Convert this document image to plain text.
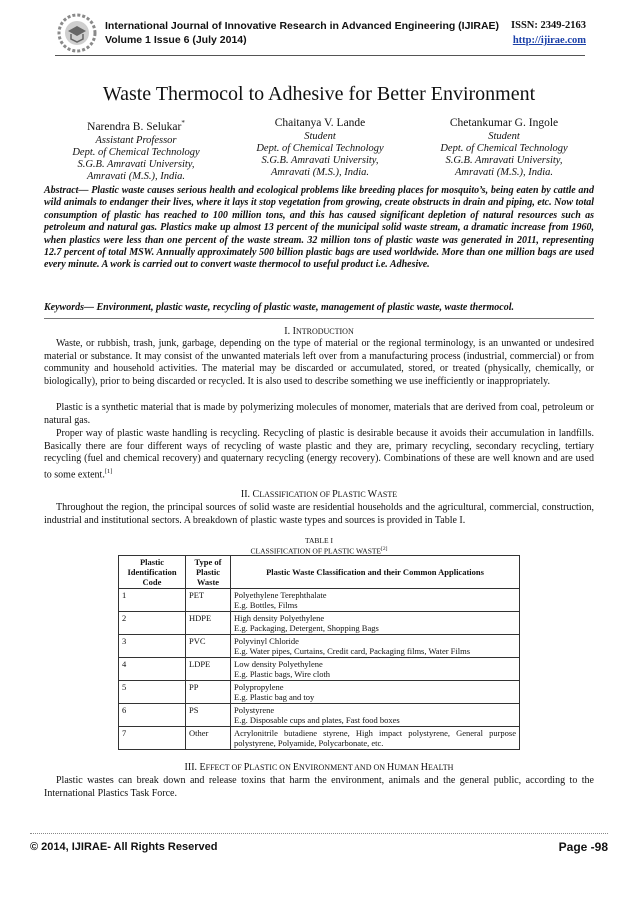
International Journal of Innovative Research in Advanced Engineering (IJIRAE) ISSN: 2349-2163
Volume 1 Issue 6 (July 2014)	http://ijirae.com
Waste Thermocol to Adhesive for Better Environment
Narendra B. Selukar*
Assistant Professor
Dept. of Chemical Technology
S.G.B. Amravati University,
Amravati (M.S.), India.
Chaitanya V. Lande
Student
Dept. of Chemical Technology
S.G.B. Amravati University,
Amravati (M.S.), India.
Chetankumar G. Ingole
Student
Dept. of Chemical Technology
S.G.B. Amravati University,
Amravati (M.S.), India.
Abstract— Plastic waste causes serious health and ecological problems like breeding places for mosquito’s, being eaten by cattle and wild animals to endanger their lives, where it lays it stop vegetation from growing, create obstructs in drain and piping, etc. Now total consumption of plastic has reached to 100 million tons, and this has caused significant depletion of natural resources such as petroleum and natural gas. Plastics make up almost 13 percent of the municipal solid waste stream, a dramatic increase from 1960, when plastics were less than one percent of the waste stream. 32 million tons of plastic waste was generated in 2011, representing 12.7 percent of total MSW. Annually approximately 500 billion plastic bags are used worldwide. More than one million bags are used every minute. A work is carried out to convert waste thermocol to useful product i.e. Adhesive.
Keywords— Environment, plastic waste, recycling of plastic waste, management of plastic waste, waste thermocol.
I. INTRODUCTION
Waste, or rubbish, trash, junk, garbage, depending on the type of material or the regional terminology, is an unwanted or undesired material or substance. It may consist of the unwanted materials left over from a manufacturing process (industrial, commercial) or from community and household activities. The material may be discarded or accumulated, stored, or treated (physically, chemically, or biologically), prior to being discarded or recycled. It is also used to describe something we use inefficiently or inappropriately.
Plastic is a synthetic material that is made by polymerizing molecules of monomer, materials that are derived from coal, petroleum or natural gas.
Proper way of plastic waste handling is recycling. Recycling of plastic is desirable because it avoids their accumulation in landfills. Basically there are four different ways of recycling of waste plastic and they are, primary recycling, secondary recycling, tertiary recycling (fuel and chemical recovery) and quaternary recycling (energy recovery). Combinations of these are well known and are used to some extent.[1]
II. CLASSIFICATION OF PLASTIC WASTE
Throughout the region, the principal sources of solid waste are residential households and the agricultural, commercial, construction, industrial and institutional sectors. A breakdown of plastic waste types and sources is provided in Table I.
TABLE I
CLASSIFICATION OF PLASTIC WASTE[2]
Plastic Identification Code	Type of Plastic Waste	Plastic Waste Classification and their Common Applications
1	PET	Polyethylene Terephthalate
E.g. Bottles, Films

2	HDPE	High density Polyethylene
E.g. Packaging, Detergent, Shopping Bags

3	PVC	Polyvinyl Chloride
E.g. Water pipes, Curtains, Credit card, Packaging films, Water Films

4	LDPE	Low density Polyethylene
E.g. Plastic bags, Wire cloth

5	PP	Polypropylene
E.g. Plastic bag and toy

6	PS	Polystyrene
E.g. Disposable cups and plates, Fast food boxes

7	Other	Acrylonitrile butadiene styrene, High impact polystyrene, General purpose polystyrene, Polyamide, Polycarbonate, etc.
III. EFFECT OF PLASTIC ON ENVIRONMENT AND ON HUMAN HEALTH
Plastic wastes can break down and release toxins that harm the environment, animals and the general public, according to the International Plastics Task Force.
© 2014, IJIRAE- All Rights Reserved	Page -98
